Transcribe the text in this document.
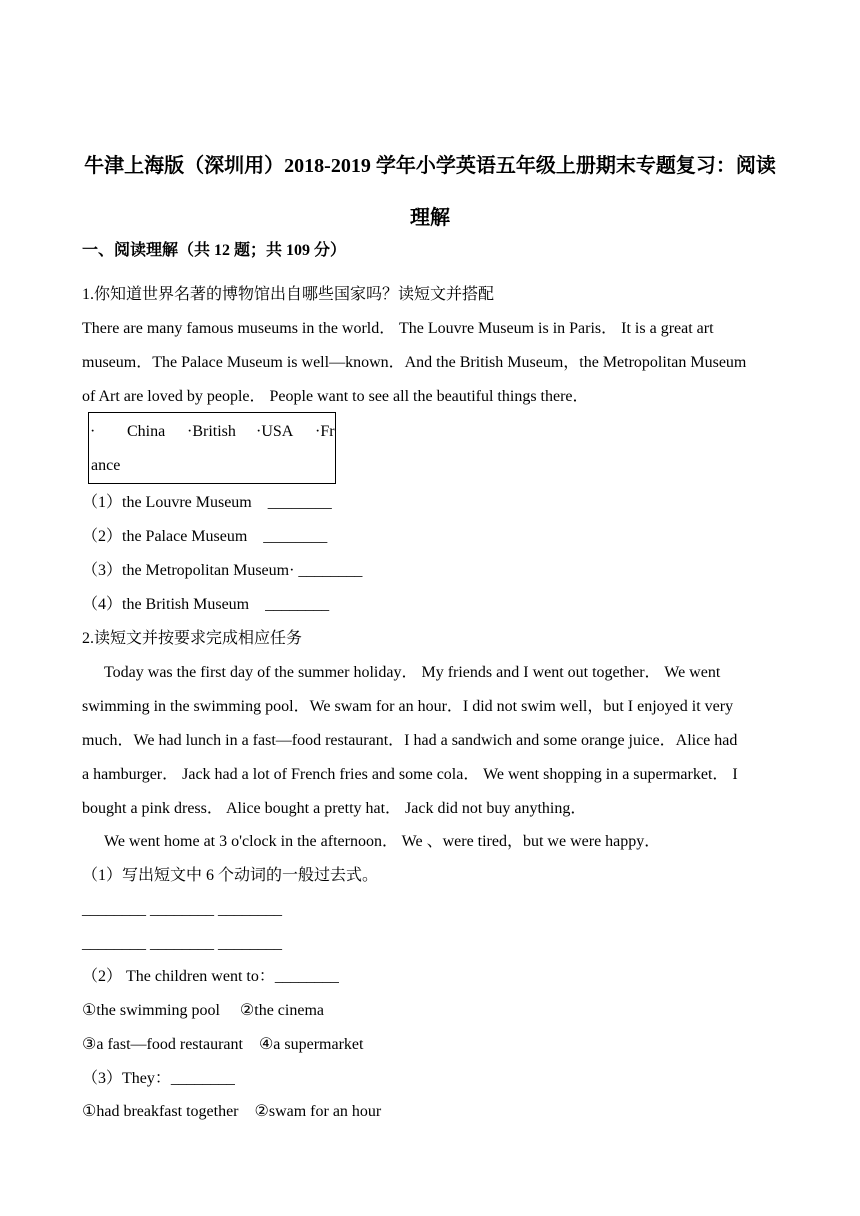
牛津上海版（深圳用）2018-2019 学年小学英语五年级上册期末专题复习：阅读
理解
一、阅读理解（共 12 题；共 109 分）
1.你知道世界名著的博物馆出自哪些国家吗？读短文并搭配
There are many famous museums in the world． The Louvre Museum is in Paris． It is a great art
museum．The Palace Museum is well—known．And the British Museum，the Metropolitan Museum
of Art are loved by people． People want to see all the beautiful things there．
· China ·British ·USA ·Fr
ance
（1）the Louvre Museum　________
（2）the Palace Museum　________
（3）the Metropolitan Museum· ________
（4）the British Museum　________
2.读短文并按要求完成相应任务
Today was the first day of the summer holiday． My friends and I went out together． We went
swimming in the swimming pool．We swam for an hour．I did not swim well，but I enjoyed it very
much．We had lunch in a fast—food restaurant．I had a sandwich and some orange juice．Alice had
a hamburger． Jack had a lot of French fries and some cola． We went shopping in a supermarket． I
bought a pink dress． Alice bought a pretty hat． Jack did not buy anything．
We went home at 3 o'clock in the afternoon． We 、were tired，but we were happy．
（1）写出短文中 6 个动词的一般过去式。
________ ________ ________
________ ________ ________
（2） The children went to：________
①the swimming pool　 ②the cinema
③a fast—food restaurant　④a supermarket
（3）They：________
①had breakfast together　②swam for an hour
